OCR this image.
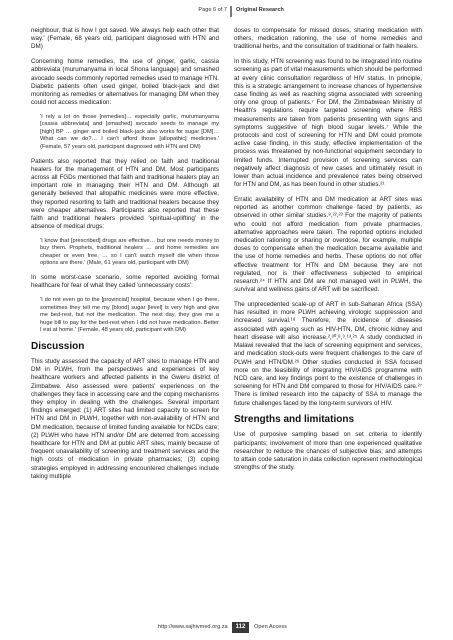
Page 6 of 7 Original Research

neighbour, that is how I got saved. We always help each other that way.' (Female, 68 years old, participant diagnosed with HTN and DM)

Concerning home remedies, the use of ginger, garlic, cassia abbreviata (murumanyama in local Shona language) and smashed avocado seeds commonly reported remedies used to manage HTN. Diabetic patients often used ginger, boiled black-jack and diet monitoring as remedies or alternatives for managing DM when they could not access medication:

'I rely a lot on those [remedies]… especially garlic, murumanyama [cassia abbreviata] and [smashed] avocado seeds to manage my [high] BP … ginger and boiled black-jack also works for sugar [DM]… What can we do?… I can't afford those [allopathic] medicines.' (Female, 57 years old, participant diagnosed with HTN and DM)

Patients also reported that they relied on faith and traditional healers for the management of HTN and DM. Most participants across all FGDs mentioned that faith and traditional healers play an important role in managing their HTN and DM. Although all generally believed that allopathic medicines were more effective, they reported resorting to faith and traditional healers because they were cheaper alternatives. Participants also reported that these faith and traditional healers provided 'spiritual-uplifting' in the absence of medical drugs:

'I know that [prescribed] drugs are effective… but one needs money to buy them. Prophets, traditional healers … and home remedies are cheaper or even free, … so I can't watch myself die when those options are there.' (Male, 61 years old, participant with DM)

In some worst-case scenario, some reported avoiding formal healthcare for fear of what they called 'unnecessary costs':

'I do not even go to the [provincial] hospital, because when I go there, sometimes they tell me my [blood] sugar [level] is very high and give me bed-rest, but not the medication. The next day, they give me a huge bill to pay for the bed-rest when I did not have medication. Better I eat at home.' (Female, 48 years old, participant with DM)

Discussion

This study assessed the capacity of ART sites to manage HTN and DM in PLWH, from the perspectives and experiences of key healthcare workers and affected patients in the Gweru district of Zimbabwe. Also assessed were patients' experiences on the challenges they face in accessing care and the coping mechanisms they employ in dealing with the challenges. Several important findings emerged: (1) ART sites had limited capacity to screen for HTN and DM in PLWH, together with non-availability of HTN and DM medication, because of limited funding available for NCDs care; (2) PLWH who have HTN and/or DM are deterred from accessing healthcare for HTN and DM at public ART sites, mainly because of frequent unavailability of screening and treatment services and the high costs of medication in private pharmacies; (3) coping strategies employed in addressing encountered challenges include taking multiple

doses to compensate for missed doses, sharing medication with others, medication rationing, the use of home remedies and traditional herbs, and the consultation of traditional or faith healers.

In this study, HTN screening was found to be integrated into routine screening as part of vital measurements which should be performed at every clinic consultation regardless of HIV status. In principle, this is a strategic arrangement to increase chances of hypertensive case finding as well as reaching stigma associated with screening only one group of patients.⁷ For DM, the Zimbabwean Ministry of Health's regulations require targeted screening where RBS measurements are taken from patients presenting with signs and symptoms suggestive of high blood sugar levels.⁷ While the protocols and cost of screening for HTN and DM could promote active case finding, in this study, effective implementation of the process was threatened by non-functional equipment secondary to limited funds. Interrupted provision of screening services can negatively affect diagnosis of new cases and ultimately result in lower than actual incidence and prevalence rates being observed for HTN and DM, as has been found in other studies.²¹

Erratic availability of HTN and DM medication at ART sites was reported as another common challenge faced by patients, as observed in other similar studies.⁸,²²,²³ For the majority of patients who could not afford medication from private pharmacies, alternative approaches were taken. The reported options included medication rationing or sharing or overdose, for example, multiple doses to compensate when the medication became available and the use of home remedies and herbs. These options do not offer effective treatment for HTN and DM because they are not regulated, nor is their effectiveness subjected to empirical research.²⁴ If HTN and DM are not managed well in PLWH, the survival and wellness gains of ART will be sacrificed.

The unprecedented scale-up of ART in sub-Saharan Africa (SSA) has resulted in more PLWH achieving virologic suppression and increased survival.¹⁸ Therefore, the incidence of diseases associated with ageing such as HIV-HTN, DM, chronic kidney and heart disease will also increase.²,³⁰,⁸,⁹,¹³,²⁵ A study conducted in Malawi revealed that the lack of screening equipment and services, and medication stock-outs were frequent challenges to the care of PLWH and HTN/DM.²⁶ Other studies conducted in SSA focused more on the feasibility of integrating HIV/AIDS programme with NCD care, and key findings point to the existence of challenges in screening for HTN and DM compared to those for HIV/AIDS care.²⁷ There is limited research into the capacity of SSA to manage the future challenges faced by the long-term survivors of HIV.

Strengths and limitations

Use of purposive sampling based on set criteria to identify participants; involvement of more than one experienced qualitative researcher to reduce the chances of subjective bias; and attempts to attain code saturation in data collection represent methodological strengths of the study.

http://www.sajhivmed.org.za	112	Open Access
